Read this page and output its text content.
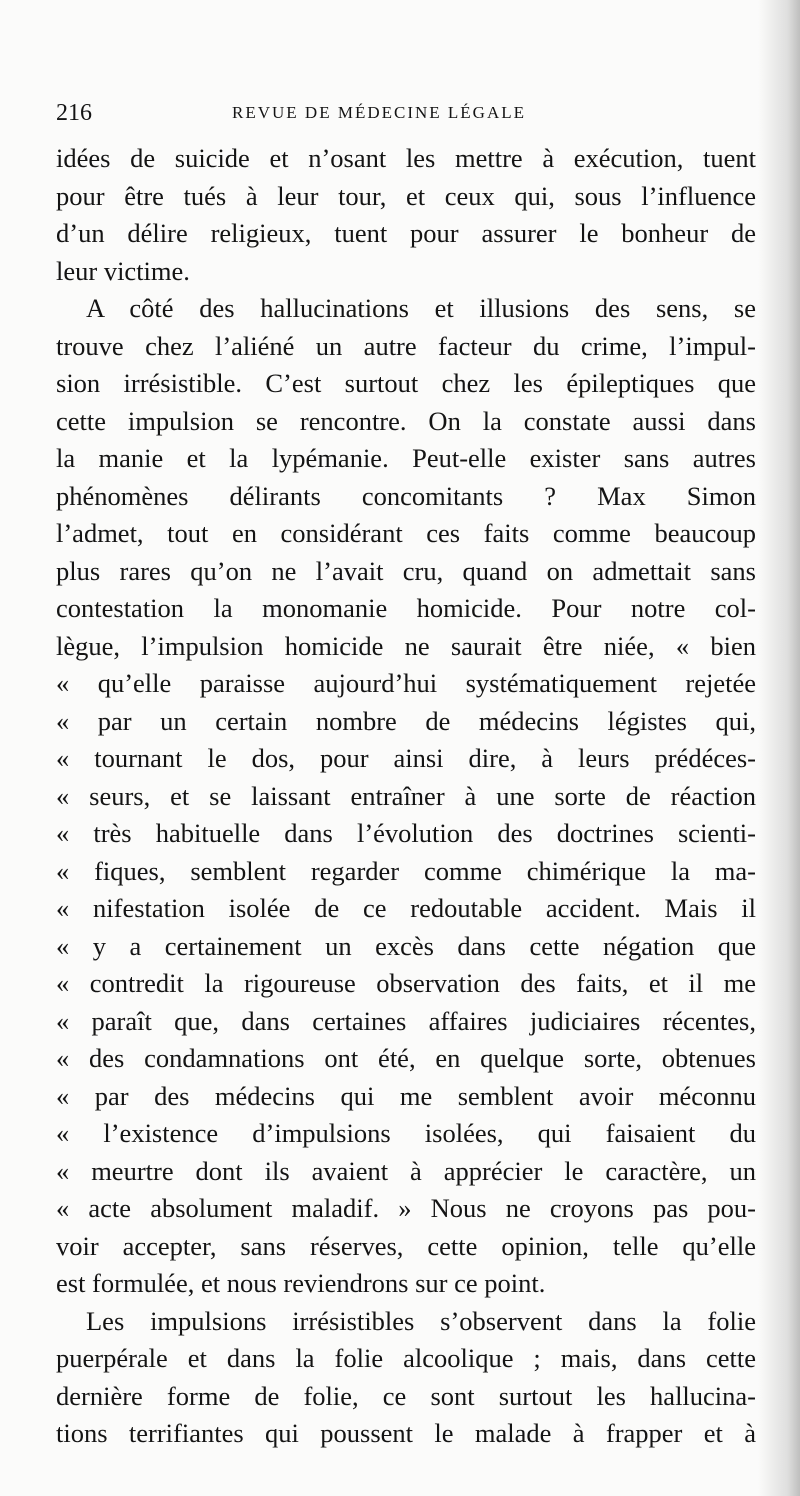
216	REVUE DE MÉDECINE LÉGALE
idées de suicide et n’osant les mettre à exécution, tuent
pour être tués à leur tour, et ceux qui, sous l’influence
d’un délire religieux, tuent pour assurer le bonheur de
leur victime.
A côté des hallucinations et illusions des sens, se
trouve chez l’aliéné un autre facteur du crime, l’impul-
sion irrésistible. C’est surtout chez les épileptiques que
cette impulsion se rencontre. On la constate aussi dans
la manie et la lypémanie. Peut-elle exister sans autres
phénomènes délirants concomitants ? Max Simon
l’admet, tout en considérant ces faits comme beaucoup
plus rares qu’on ne l’avait cru, quand on admettait sans
contestation la monomanie homicide. Pour notre col-
lègue, l’impulsion homicide ne saurait être niée, « bien
« qu’elle paraisse aujourd’hui systématiquement rejetée
« par un certain nombre de médecins légistes qui,
« tournant le dos, pour ainsi dire, à leurs prédéces-
« seurs, et se laissant entraîner à une sorte de réaction
« très habituelle dans l’évolution des doctrines scienti-
« fiques, semblent regarder comme chimérique la ma-
« nifestation isolée de ce redoutable accident. Mais il
« y a certainement un excès dans cette négation que
« contredit la rigoureuse observation des faits, et il me
« paraît que, dans certaines affaires judiciaires récentes,
« des condamnations ont été, en quelque sorte, obtenues
« par des médecins qui me semblent avoir méconnu
« l’existence d’impulsions isolées, qui faisaient du
« meurtre dont ils avaient à apprécier le caractère, un
« acte absolument maladif. » Nous ne croyons pas pou-
voir accepter, sans réserves, cette opinion, telle qu’elle
est formulée, et nous reviendrons sur ce point.
Les impulsions irrésistibles s’observent dans la folie
puerpérale et dans la folie alcoolique ; mais, dans cette
dernière forme de folie, ce sont surtout les hallucina-
tions terrifiantes qui poussent le malade à frapper et à
